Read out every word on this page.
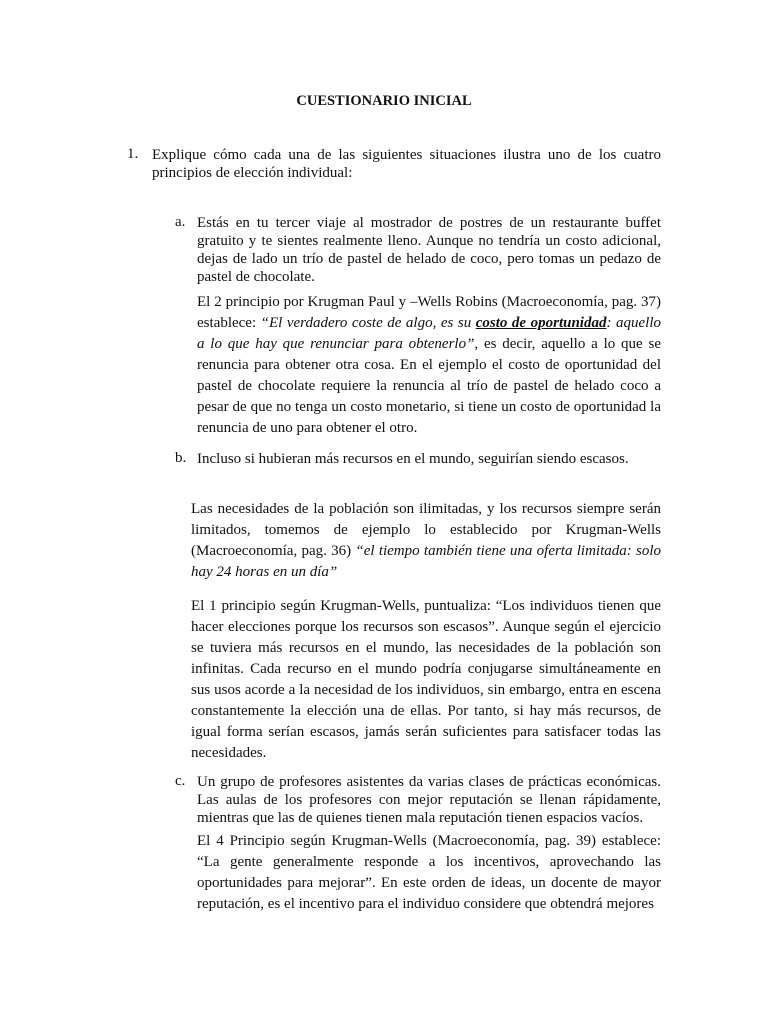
CUESTIONARIO INICIAL
1. Explique cómo cada una de las siguientes situaciones ilustra uno de los cuatro principios de elección individual:
a. Estás en tu tercer viaje al mostrador de postres de un restaurante buffet gratuito y te sientes realmente lleno. Aunque no tendría un costo adicional, dejas de lado un trío de pastel de helado de coco, pero tomas un pedazo de pastel de chocolate.
El 2 principio por Krugman Paul y –Wells Robins (Macroeconomía, pag. 37) establece: “El verdadero coste de algo, es su costo de oportunidad: aquello a lo que hay que renunciar para obtenerlo”, es decir, aquello a lo que se renuncia para obtener otra cosa. En el ejemplo el costo de oportunidad del pastel de chocolate requiere la renuncia al trío de pastel de helado coco a pesar de que no tenga un costo monetario, si tiene un costo de oportunidad la renuncia de uno para obtener el otro.
b. Incluso si hubieran más recursos en el mundo, seguirían siendo escasos.
Las necesidades de la población son ilimitadas, y los recursos siempre serán limitados, tomemos de ejemplo lo establecido por Krugman-Wells (Macroeconomía, pag. 36) “el tiempo también tiene una oferta limitada: solo hay 24 horas en un día”
El 1 principio según Krugman-Wells, puntualiza: “Los individuos tienen que hacer elecciones porque los recursos son escasos”. Aunque según el ejercicio se tuviera más recursos en el mundo, las necesidades de la población son infinitas. Cada recurso en el mundo podría conjugarse simultáneamente en sus usos acorde a la necesidad de los individuos, sin embargo, entra en escena constantemente la elección una de ellas. Por tanto, si hay más recursos, de igual forma serían escasos, jamás serán suficientes para satisfacer todas las necesidades.
c. Un grupo de profesores asistentes da varias clases de prácticas económicas. Las aulas de los profesores con mejor reputación se llenan rápidamente, mientras que las de quienes tienen mala reputación tienen espacios vacíos.
El 4 Principio según Krugman-Wells (Macroeconomía, pag. 39) establece: “La gente generalmente responde a los incentivos, aprovechando las oportunidades para mejorar”. En este orden de ideas, un docente de mayor reputación, es el incentivo para el individuo considere que obtendrá mejores
